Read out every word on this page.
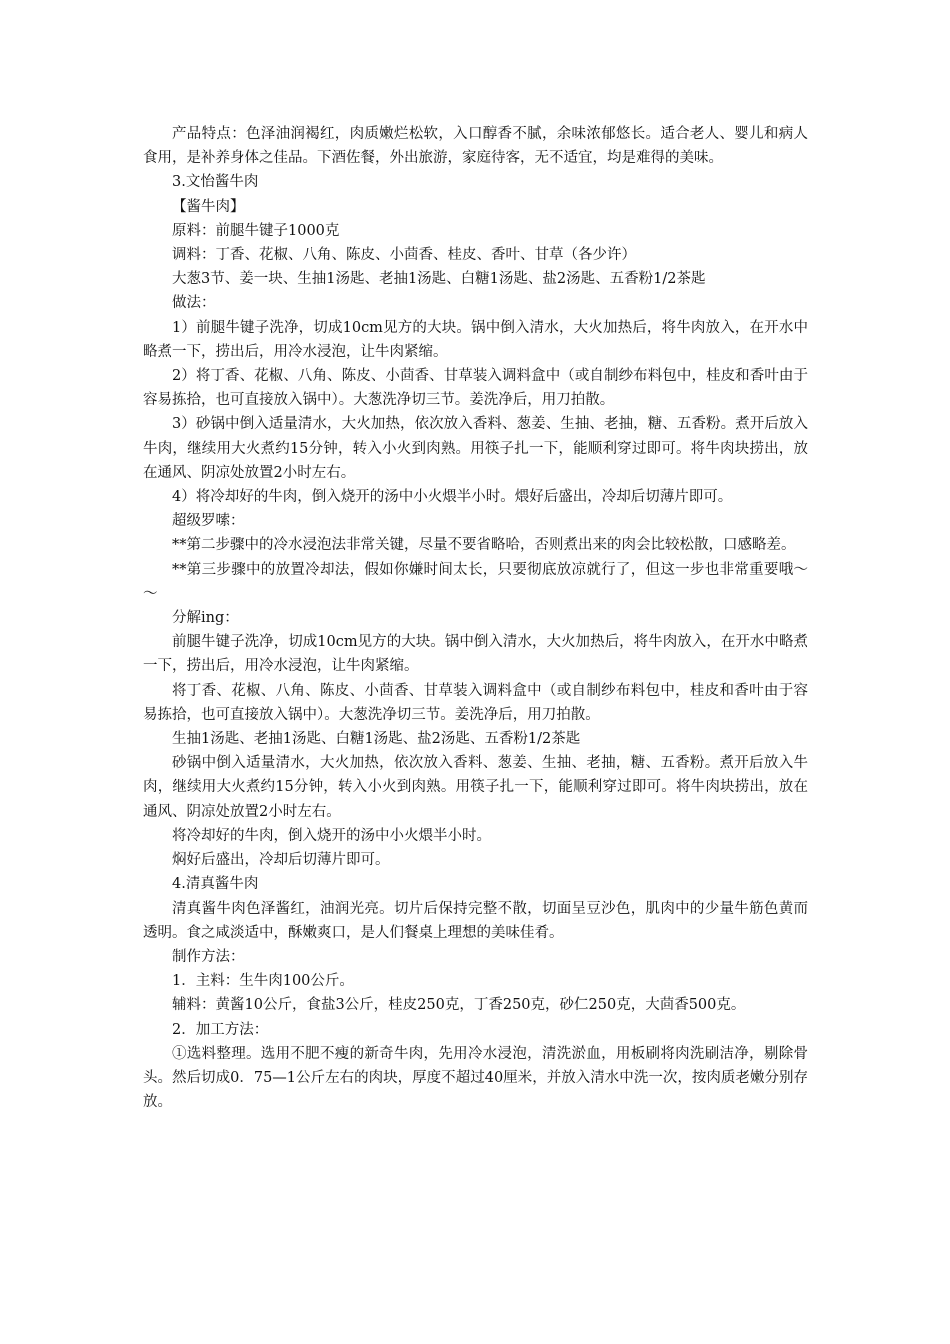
产品特点：色泽油润褐红，肉质嫩烂松软，入口醇香不腻，余味浓郁悠长。适合老人、婴儿和病人食用，是补养身体之佳品。下酒佐餐，外出旅游，家庭待客，无不适宜，均是难得的美味。

3.文怡酱牛肉

【酱牛肉】

原料：前腿牛键子1000克

调料：丁香、花椒、八角、陈皮、小茴香、桂皮、香叶、甘草（各少许）

大葱3节、姜一块、生抽1汤匙、老抽1汤匙、白糖1汤匙、盐2汤匙、五香粉1/2茶匙

做法：

1）前腿牛键子洗净，切成10cm见方的大块。锅中倒入清水，大火加热后，将牛肉放入，在开水中略煮一下，捞出后，用冷水浸泡，让牛肉紧缩。

2）将丁香、花椒、八角、陈皮、小茴香、甘草装入调料盒中（或自制纱布料包中，桂皮和香叶由于容易拣拾，也可直接放入锅中）。大葱洗净切三节。姜洗净后，用刀拍散。

3）砂锅中倒入适量清水，大火加热，依次放入香料、葱姜、生抽、老抽，糖、五香粉。煮开后放入牛肉，继续用大火煮约15分钟，转入小火到肉熟。用筷子扎一下，能顺利穿过即可。将牛肉块捞出，放在通风、阴凉处放置2小时左右。

4）将冷却好的牛肉，倒入烧开的汤中小火煨半小时。煨好后盛出，冷却后切薄片即可。

超级罗嗦：

**第二步骤中的冷水浸泡法非常关键，尽量不要省略哈，否则煮出来的肉会比较松散，口感略差。

**第三步骤中的放置冷却法，假如你嫌时间太长，只要彻底放凉就行了，但这一步也非常重要哦～～

分解ing：

前腿牛键子洗净，切成10cm见方的大块。锅中倒入清水，大火加热后，将牛肉放入，在开水中略煮一下，捞出后，用冷水浸泡，让牛肉紧缩。

将丁香、花椒、八角、陈皮、小茴香、甘草装入调料盒中（或自制纱布料包中，桂皮和香叶由于容易拣拾，也可直接放入锅中）。大葱洗净切三节。姜洗净后，用刀拍散。

生抽1汤匙、老抽1汤匙、白糖1汤匙、盐2汤匙、五香粉1/2茶匙

砂锅中倒入适量清水，大火加热，依次放入香料、葱姜、生抽、老抽，糖、五香粉。煮开后放入牛肉，继续用大火煮约15分钟，转入小火到肉熟。用筷子扎一下，能顺利穿过即可。将牛肉块捞出，放在通风、阴凉处放置2小时左右。

将冷却好的牛肉，倒入烧开的汤中小火煨半小时。

焖好后盛出，冷却后切薄片即可。

4.清真酱牛肉

清真酱牛肉色泽酱红，油润光亮。切片后保持完整不散，切面呈豆沙色，肌肉中的少量牛筋色黄而透明。食之咸淡适中，酥嫩爽口，是人们餐桌上理想的美味佳肴。

制作方法：

1．主料：生牛肉100公斤。

辅料：黄酱10公斤，食盐3公斤，桂皮250克，丁香250克，砂仁250克，大茴香500克。

2．加工方法：

①选料整理。选用不肥不瘦的新奇牛肉，先用冷水浸泡，清洗淤血，用板刷将肉洗刷洁净，剔除骨头。然后切成0．75—1公斤左右的肉块，厚度不超过40厘米，并放入清水中洗一次，按肉质老嫩分别存放。
